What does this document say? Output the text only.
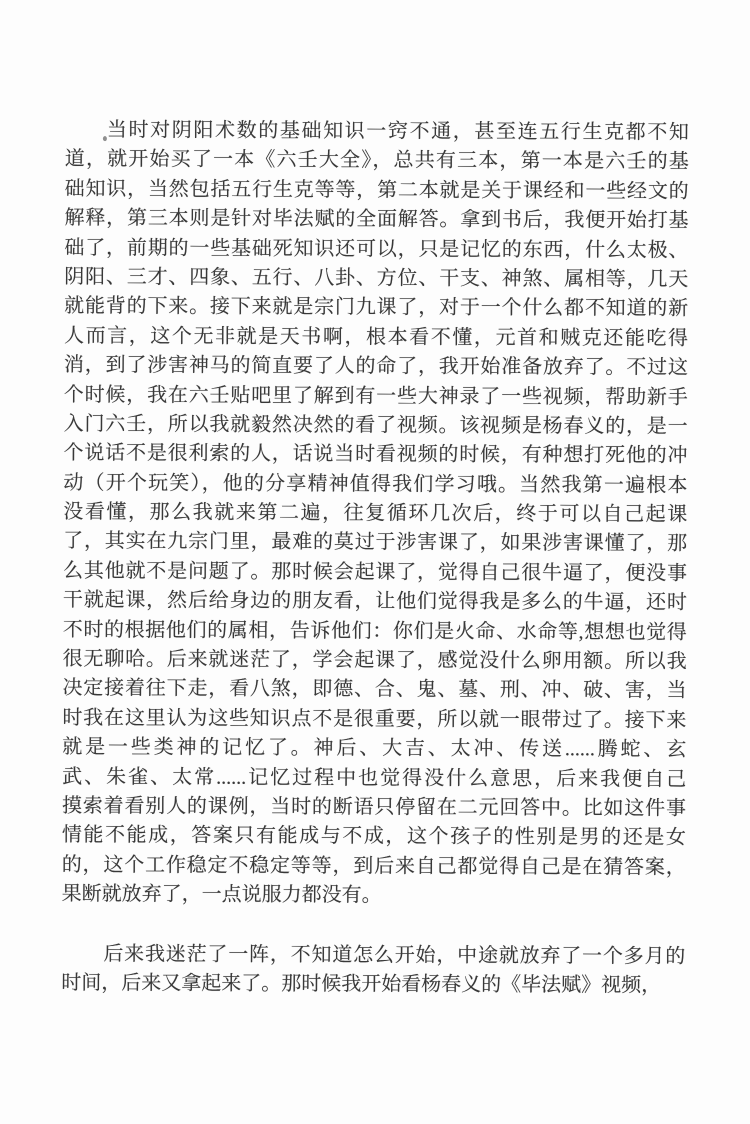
当时对阴阳术数的基础知识一窍不通，甚至连五行生克都不知
道，就开始买了一本《六壬大全》，总共有三本，第一本是六壬的基
础知识，当然包括五行生克等等，第二本就是关于课经和一些经文的
解释，第三本则是针对毕法赋的全面解答。拿到书后，我便开始打基
础了，前期的一些基础死知识还可以，只是记忆的东西，什么太极、
阴阳、三才、四象、五行、八卦、方位、干支、神煞、属相等，几天
就能背的下来。接下来就是宗门九课了，对于一个什么都不知道的新
人而言，这个无非就是天书啊，根本看不懂，元首和贼克还能吃得
消，到了涉害神马的简直要了人的命了，我开始准备放弃了。不过这
个时候，我在六壬贴吧里了解到有一些大神录了一些视频，帮助新手
入门六壬，所以我就毅然决然的看了视频。该视频是杨春义的，是一
个说话不是很利索的人，话说当时看视频的时候，有种想打死他的冲
动（开个玩笑），他的分享精神值得我们学习哦。当然我第一遍根本
没看懂，那么我就来第二遍，往复循环几次后，终于可以自己起课
了，其实在九宗门里，最难的莫过于涉害课了，如果涉害课懂了，那
么其他就不是问题了。那时候会起课了，觉得自己很牛逼了，便没事
干就起课，然后给身边的朋友看，让他们觉得我是多么的牛逼，还时
不时的根据他们的属相，告诉他们：你们是火命、水命等,想想也觉得
很无聊哈。后来就迷茫了，学会起课了，感觉没什么卵用额。所以我
决定接着往下走，看八煞，即德、合、鬼、墓、刑、冲、破、害，当
时我在这里认为这些知识点不是很重要，所以就一眼带过了。接下来
就是一些类神的记忆了。神后、大吉、太冲、传送......腾蛇、玄
武、朱雀、太常......记忆过程中也觉得没什么意思，后来我便自己
摸索着看别人的课例，当时的断语只停留在二元回答中。比如这件事
情能不能成，答案只有能成与不成，这个孩子的性别是男的还是女
的，这个工作稳定不稳定等等，到后来自己都觉得自己是在猜答案，
果断就放弃了，一点说服力都没有。
后来我迷茫了一阵，不知道怎么开始，中途就放弃了一个多月的
时间，后来又拿起来了。那时候我开始看杨春义的《毕法赋》视频，
